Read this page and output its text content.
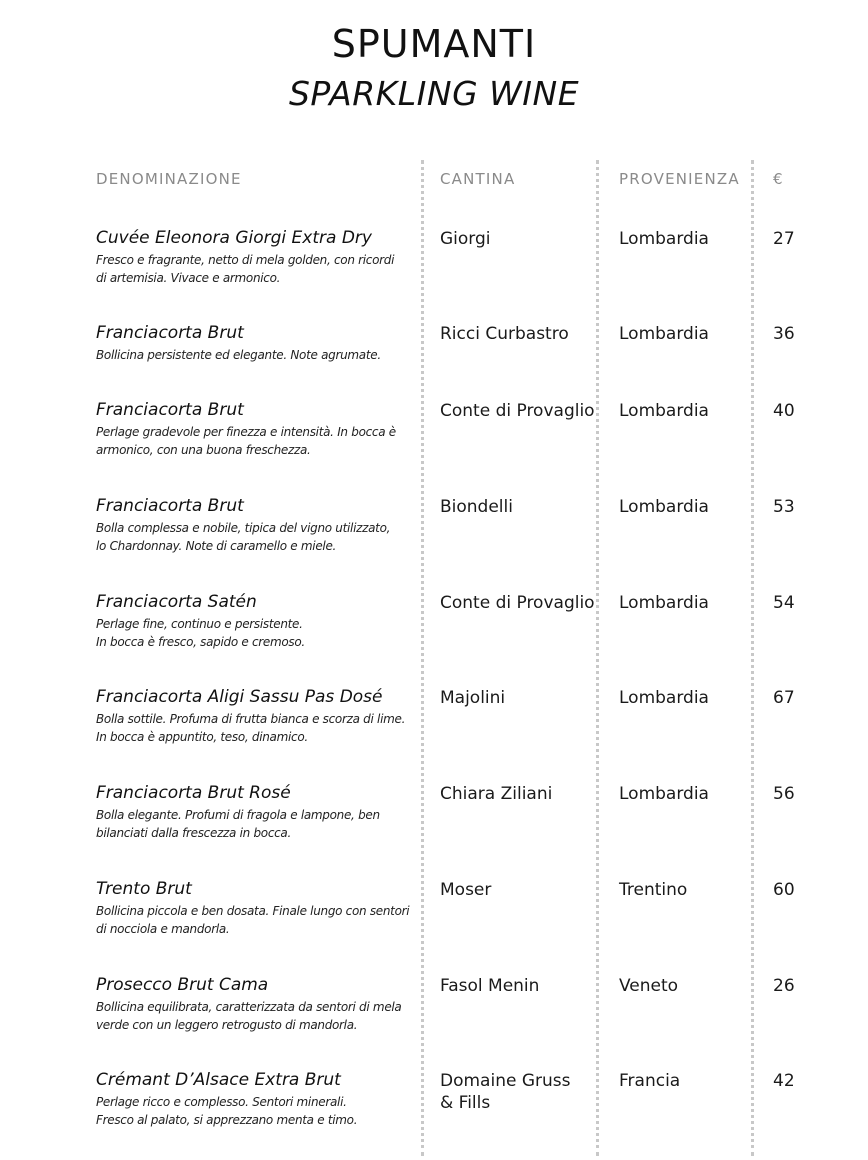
SPUMANTI
SPARKLING WINE
DENOMINAZIONE	CANTINA	PROVENIENZA €
Cuvée Eleonora Giorgi Extra Dry
Fresco e fragrante, netto di mela golden, con ricordi
di artemisia. Vivace e armonico.
Giorgi	Lombardia	27
Franciacorta Brut
Bollicina persistente ed elegante. Note agrumate.
Ricci Curbastro	Lombardia	36
Franciacorta Brut
Perlage gradevole per finezza e intensità. In bocca è
armonico, con una buona freschezza.
Conte di Provaglio	Lombardia	40
Franciacorta Brut
Bolla complessa e nobile, tipica del vigno utilizzato,
lo Chardonnay. Note di caramello e miele.
Biondelli	Lombardia	53
Franciacorta Satén
Perlage fine, continuo e persistente.
In bocca è fresco, sapido e cremoso.
Conte di Provaglio	Lombardia	54
Franciacorta Aligi Sassu Pas Dosé
Bolla sottile. Profuma di frutta bianca e scorza di lime.
In bocca è appuntito, teso, dinamico.
Majolini	Lombardia	67
Franciacorta Brut Rosé
Bolla elegante. Profumi di fragola e lampone, ben
bilanciati dalla frescezza in bocca.
Chiara Ziliani	Lombardia	56
Trento Brut
Bollicina piccola e ben dosata. Finale lungo con sentori
di nocciola e mandorla.
Moser	Trentino	60
Prosecco Brut Cama
Bollicina equilibrata, caratterizzata da sentori di mela
verde con un leggero retrogusto di mandorla.
Fasol Menin	Veneto	26
Crémant D’Alsace Extra Brut
Perlage ricco e complesso. Sentori minerali.
Fresco al palato, si apprezzano menta e timo.
Domaine Gruss
& Fills
Francia	42
